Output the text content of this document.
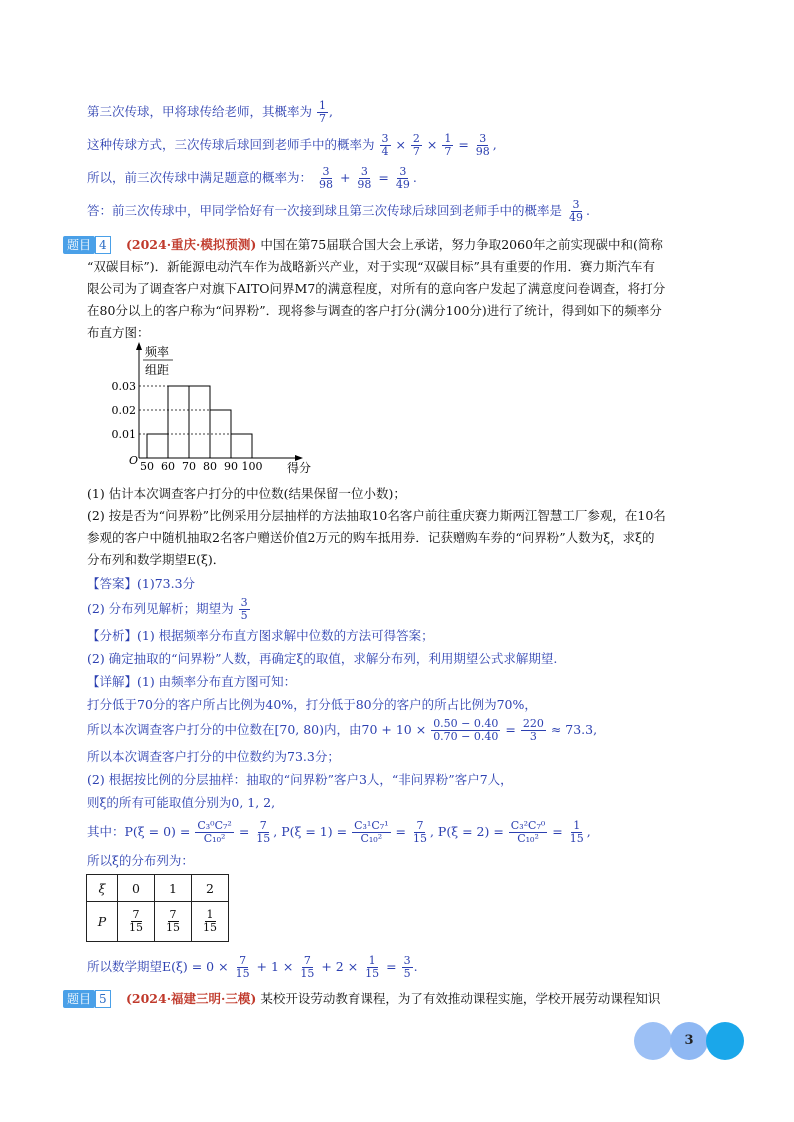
第三次传球，甲将球传给老师，其概率为 $\frac{1}{7}$ ,
这种传球方式，三次传球后球回到老师手中的概率为 $\frac{3}{4} \times \frac{2}{7} \times \frac{1}{7} = \frac{3}{98}$ ,
所以，前三次传球中满足题意的概率为： $\frac{3}{98} + \frac{3}{98} = \frac{3}{49}$ .
答：前三次传球中，甲同学恰好有一次接到球且第三次传球后球回到老师手中的概率是 $\frac{3}{49}$ .
题目 4	(2024·重庆·模拟预测) 中国在第75届联合国大会上承诺，努力争取2060年之前实现碳中和(简称
“双碳目标”)．新能源电动汽车作为战略新兴产业，对于实现“双碳目标”具有重要的作用．赛力斯汽车有
限公司为了调查客户对旗下AITO问界M7的满意程度，对所有的意向客户发起了满意度问卷调查，将打分
在80分以上的客户称为“问界粉”．现将参与调查的客户打分(满分100分)进行了统计，得到如下的频率分
布直方图：
0.03
0.02
0.01
50 60 70 80 90 100
O
频率
组距
得分
(1) 估计本次调查客户打分的中位数(结果保留一位小数)；
(2) 按是否为“问界粉”比例采用分层抽样的方法抽取10名客户前往重庆赛力斯两江智慧工厂参观，在10名
参观的客户中随机抽取2名客户赠送价值2万元的购车抵用券．记获赠购车券的“问界粉”人数为ξ，求ξ的
分布列和数学期望E(ξ)．
【答案】(1)73.3分
(2) 分布列见解析；期望为 $\frac{3}{5}$
【分析】(1) 根据频率分布直方图求解中位数的方法可得答案；
(2) 确定抽取的“问界粉”人数，再确定ξ的取值，求解分布列，利用期望公式求解期望.
【详解】(1) 由频率分布直方图可知：
打分低于70分的客户所占比例为40%，打分低于80分的客户的所占比例为70%，
所以本次调查客户打分的中位数在[70, 80)内，由$70 + 10 \times \frac{0.50 - 0.40}{0.70 - 0.40} = \frac{220}{3} \approx 73.3$,
所以本次调查客户打分的中位数约为73.3分；
(2) 根据按比例的分层抽样：抽取的“问界粉”客户3人，“非问界粉”客户7人，
则ξ的所有可能取值分别为0, 1, 2,
其中：$P(\xi = 0) = \frac{\text{C₃⁰C₇²}}{\text{C₁₀²}} = \frac{7}{15}$ , $P(\xi = 1) = \frac{\text{C₃¹C₇¹}}{\text{C₁₀²}} = \frac{7}{15}$ , $P(\xi = 2) = \frac{\text{C₃²C₇⁰}}{\text{C₁₀²}} = \frac{1}{15}$ ,
所以ξ的分布列为：
ξ	0	1	2
P	$\frac{7}{15}$	$\frac{7}{15}$	$\frac{1}{15}$
所以数学期望$E(\xi) = 0 \times \frac{7}{15} + 1 \times \frac{7}{15} + 2 \times \frac{1}{15} = \frac{3}{5}$ .
题目 5	(2024·福建三明·三模) 某校开设劳动教育课程，为了有效推动课程实施，学校开展劳动课程知识
3
